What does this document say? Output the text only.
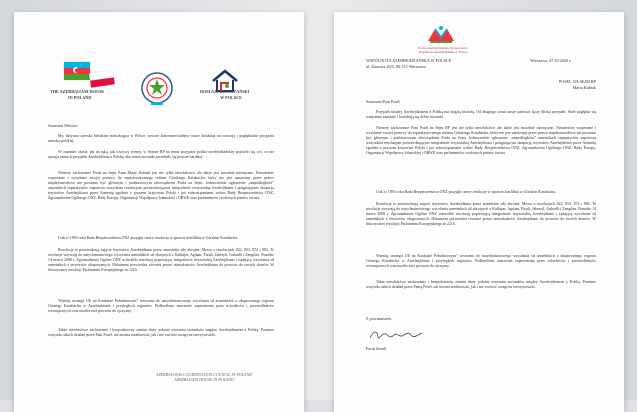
THE AZERBAIJANI HOUSE
IN POLAND
DOM AZERBEJDŻAŃSKI
W POLSCE

Szanowni Państwo

My, aktywna azerska młodzież mieszkająca w Polsce, zawsze koncentrowaliśmy nasze działania na rozwoju i pogłębianiu przyjaźni azersko-polskiej.

W ostatnim czasie, jak na ręką, jak wszyscy wiemy, w Sejmie RP na temat przyjaźni polsko-azerbejdżańskiej pojawiło się coś, co nie sprzyja ramach przyjaźni Azerbejdżanu z Polską, aby nasze stosunki zacieśniły się jeszcze bardziej.

Niestety zachowanie Posła na Sejm Pana Marty Kubiak jest nie tylko niewłaściwe, ale także jest moralnie niezręczne. Niezależnie wspieranie i wysyłanie swojej pomocy do separatystycznego reżimu Górskiego Karabachu, który nie jest uznawany przez prawo międzynarodowe nie powinno być głównym i podstawowym obowiązkiem Posła na Sejm. Jednocześnie ogłoszenie „niepodległości” armeńskich separatystów zaprzecza wszystkim rezolucjom potwierdzającym integralność terytorialną Azerbejdżanu i potępiającym okupację terytoriów Azerbejdżanu przez Armenię zgodnie z prawem krajowym Polski i już zobowiązaniami wobec Rady Bezpieczeństwa ONZ, Zgromadzenia Ogólnego ONZ, Rady Europy, Organizacji Współpracy Islamskiej i OBWE oraz parlamentów czołowych państw świata.

I tak w 1993 roku Rada Bezpieczeństwa ONZ przyjęła cztery rezolucje w sprawie konfliktu w Górskim Karabachu.

Rezolucje te potwierdzają zajęcie terytoriów Azerbejdżanu przez armeńskie siły zbrojne. Mowa o rezolucjach 822, 853, 874 i 884. Te rezolucje wzywają do natychmiastowego wycofania armeńskich sił zbrojnych z Kalbajar, Agdam, Fizuli, Jabrayil, Gubadli i Zangilan. Ponadto 14 marca 2008 r. Zgromadzenie Ogólne ONZ uchwaliło rezolucję popierającą integralność terytorialną Azerbejdżanu i żądającą wycofania sił armeńskich z terytoriów okupowanych. Dokument potwierdza również prawo mieszkańców Azerbejdżanu do powrotu do swoich domów. W historycznej rezolucji Parlamentu Europejskiego nr 2216.

Wymóg strategii UE na Kaukazie Południowym” wezwano do natychmiastowego wycofania sił armeńskich z okupowanego regionu Górnego Karabachu w Azerbejdżanie i przyległych regionów. Podkreślono znaczenie zapewnienia praw uchodźców i przesiedleńców wewnętrznych oraz możliwości powrotu do ojczyzny.

Także niewłaściwe zachowanie i bezpodstawny zamiar służy jedynie zerwaniu stosunków między Azerbejdżanem a Polską. Pomimo wszystko takich działań przez Pani Poseł, nie można zrealizować, jak i nie zwrócić uwagi na rzeczywistość.

AZERBAIJANIS COORDINATION COUNCIL IN POLAND
AZERBAIJANI HOUSE IN POLAND
Polsce Azerbejdżańskie Społeczności
Wspólnota Azerbejdżańska w Polsce
WSPÓLNOTA AZERBEJDŻAŃSKA W POLSCE
ul. Żurawia 26/5, 00-515 Warszawa
Warszawa, 07.10.2020 r.
POSEŁ NA SEJM RP
Marta Kubiak

Szanowna Pani Poseł,

Przyjaźń między Azerbejdżanem a Polską ma bogatą historię. Od długiego czasu nasze państwa łączy bliska przyjaźń. Stale pogłębia się wzajemne zaufanie i kształtują się dobre stosunki.

Niestety zachowanie Pani Poseł na Sejm RP jest nie tylko niewłaściwe, ale także jest moralnie niezręczne. Niezależnie wspieranie i wysyłanie swojej pomocy do separatystycznego reżimu Górskiego Karabachu, który nie jest uznawany przez prawo międzynarodowe nie powinno być głównym i podstawowym obowiązkiem Posła na Sejm. Jednocześnie ogłoszenie „niepodległości” armeńskich separatystów zaprzecza wszystkim rezolucjom potwierdzającym integralność terytorialną Azerbejdżanu i potępiającym okupację terytoriów Azerbejdżanu przez Armenię zgodnie z prawem krajowym Polski i już zobowiązaniami wobec Rady Bezpieczeństwa ONZ, Zgromadzenia Ogólnego ONZ, Rady Europy, Organizacji Współpracy Islamskiej i OBWE oraz parlamentów czołowych państw świata.

I tak w 1993 roku Rada Bezpieczeństwa ONZ przyjęła cztery rezolucje w sprawie konfliktu w Górskim Karabachu.

Rezolucje te potwierdzają zajęcie terytoriów Azerbejdżanu przez armeńskie siły zbrojne. Mowa o rezolucjach 822, 853, 874 i 884. Te rezolucje wzywają do natychmiastowego wycofania armeńskich sił zbrojnych z Kalbajar, Agdam, Fizuli, Jabrayil, Gubadli i Zangilan. Ponadto 14 marca 2008 r. Zgromadzenie Ogólne ONZ uchwaliło rezolucję popierającą integralność terytorialną Azerbejdżanu i żądającą wycofania sił armeńskich z terytoriów okupowanych. Dokument potwierdza również prawo mieszkańców Azerbejdżanu do powrotu do swoich domów. W historycznej rezolucji Parlamentu Europejskiego nr 2216.

Wymóg strategii UE na Kaukazie Południowym” wezwano do natychmiastowego wycofania sił armeńskich z okupowanego regionu Górnego Karabachu w Azerbejdżanie i przyległych regionów. Podkreślono znaczenie zapewnienia praw uchodźców i przesiedleńców wewnętrznych oraz możliwości powrotu do ojczyzny.

Takie niewłaściwe zachowanie i bezpodstawny zamiar służy jedynie zerwaniu stosunków między Azerbejdżanem a Polską. Pomimo wszystko takich działań przez Panią Poseł, nie można zrealizować, jak i nie zwrócić uwagi na rzeczywistość.

Z poważaniem,
Farid Jafarli
